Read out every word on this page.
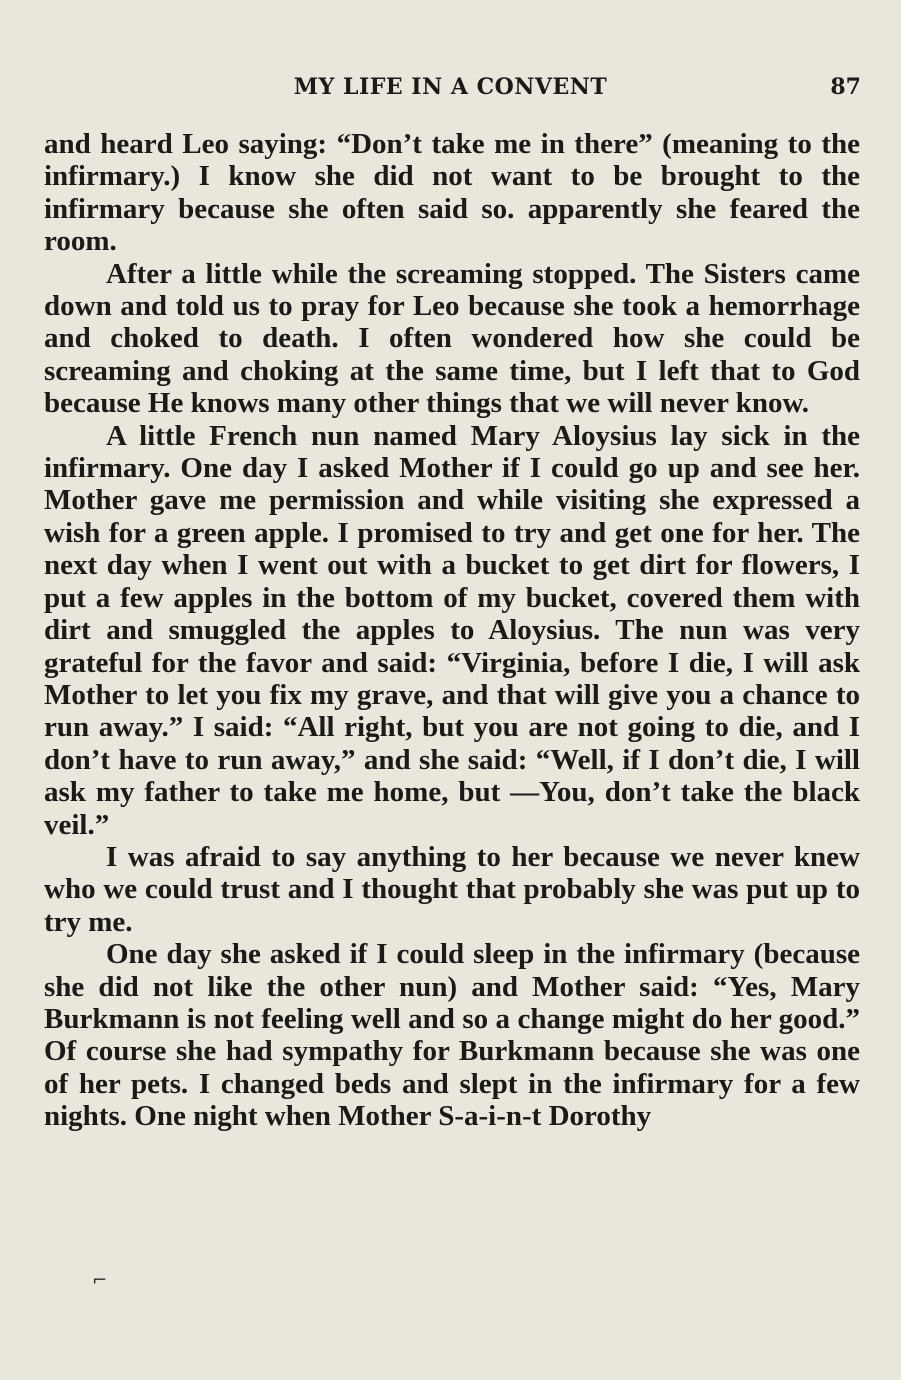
MY LIFE IN A CONVENT	87

and heard Leo saying: “Don’t take me in there” (meaning to the infirmary.) I know she did not want to be brought to the infirmary because she often said so. apparently she feared the room.

After a little while the screaming stopped. The Sisters came down and told us to pray for Leo because she took a hemorrhage and choked to death. I often wondered how she could be screaming and choking at the same time, but I left that to God because He knows many other things that we will never know.

A little French nun named Mary Aloysius lay sick in the infirmary. One day I asked Mother if I could go up and see her. Mother gave me permission and while visiting she expressed a wish for a green apple. I promised to try and get one for her. The next day when I went out with a bucket to get dirt for flowers, I put a few apples in the bottom of my bucket, covered them with dirt and smuggled the apples to Aloysius. The nun was very grateful for the favor and said: “Virginia, before I die, I will ask Mother to let you fix my grave, and that will give you a chance to run away.” I said: “All right, but you are not going to die, and I don’t have to run away,” and she said: “Well, if I don’t die, I will ask my father to take me home, but —You, don’t take the black veil.”

I was afraid to say anything to her because we never knew who we could trust and I thought that probably she was put up to try me.

One day she asked if I could sleep in the infirmary (because she did not like the other nun) and Mother said: “Yes, Mary Burkmann is not feeling well and so a change might do her good.” Of course she had sympathy for Burkmann because she was one of her pets. I changed beds and slept in the infirmary for a few nights. One night when Mother S-a-i-n-t Dorothy

⌐
